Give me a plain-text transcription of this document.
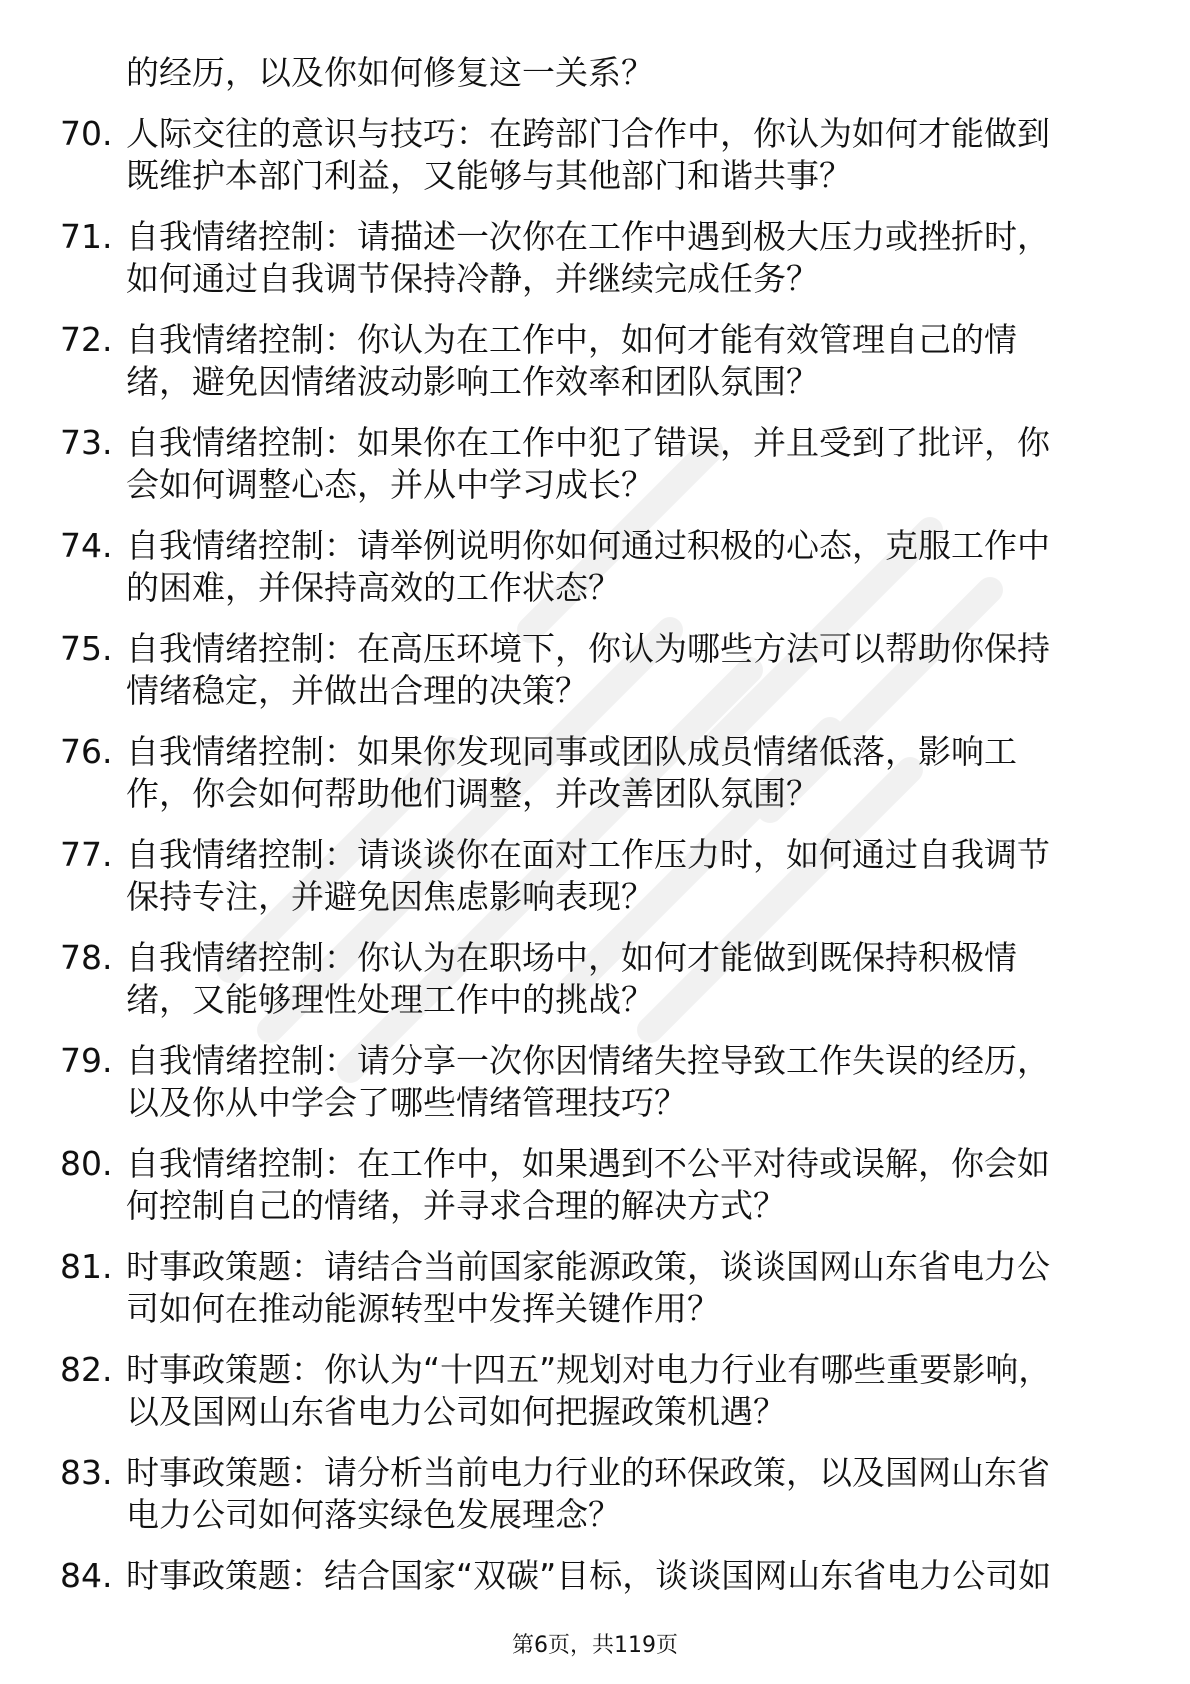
的经历，以及你如何修复这一关系？
70. 人际交往的意识与技巧：在跨部门合作中，你认为如何才能做到
既维护本部门利益，又能够与其他部门和谐共事？
71. 自我情绪控制：请描述一次你在工作中遇到极大压力或挫折时，
如何通过自我调节保持冷静，并继续完成任务？
72. 自我情绪控制：你认为在工作中，如何才能有效管理自己的情
绪，避免因情绪波动影响工作效率和团队氛围？
73. 自我情绪控制：如果你在工作中犯了错误，并且受到了批评，你
会如何调整心态，并从中学习成长？
74. 自我情绪控制：请举例说明你如何通过积极的心态，克服工作中
的困难，并保持高效的工作状态？
75. 自我情绪控制：在高压环境下，你认为哪些方法可以帮助你保持
情绪稳定，并做出合理的决策？
76. 自我情绪控制：如果你发现同事或团队成员情绪低落，影响工
作，你会如何帮助他们调整，并改善团队氛围？
77. 自我情绪控制：请谈谈你在面对工作压力时，如何通过自我调节
保持专注，并避免因焦虑影响表现？
78. 自我情绪控制：你认为在职场中，如何才能做到既保持积极情
绪，又能够理性处理工作中的挑战？
79. 自我情绪控制：请分享一次你因情绪失控导致工作失误的经历，
以及你从中学会了哪些情绪管理技巧？
80. 自我情绪控制：在工作中，如果遇到不公平对待或误解，你会如
何控制自己的情绪，并寻求合理的解决方式？
81. 时事政策题：请结合当前国家能源政策，谈谈国网山东省电力公
司如何在推动能源转型中发挥关键作用？
82. 时事政策题：你认为“十四五”规划对电力行业有哪些重要影响，
以及国网山东省电力公司如何把握政策机遇？
83. 时事政策题：请分析当前电力行业的环保政策，以及国网山东省
电力公司如何落实绿色发展理念？
84. 时事政策题：结合国家“双碳”目标，谈谈国网山东省电力公司如
第6页，共119页
